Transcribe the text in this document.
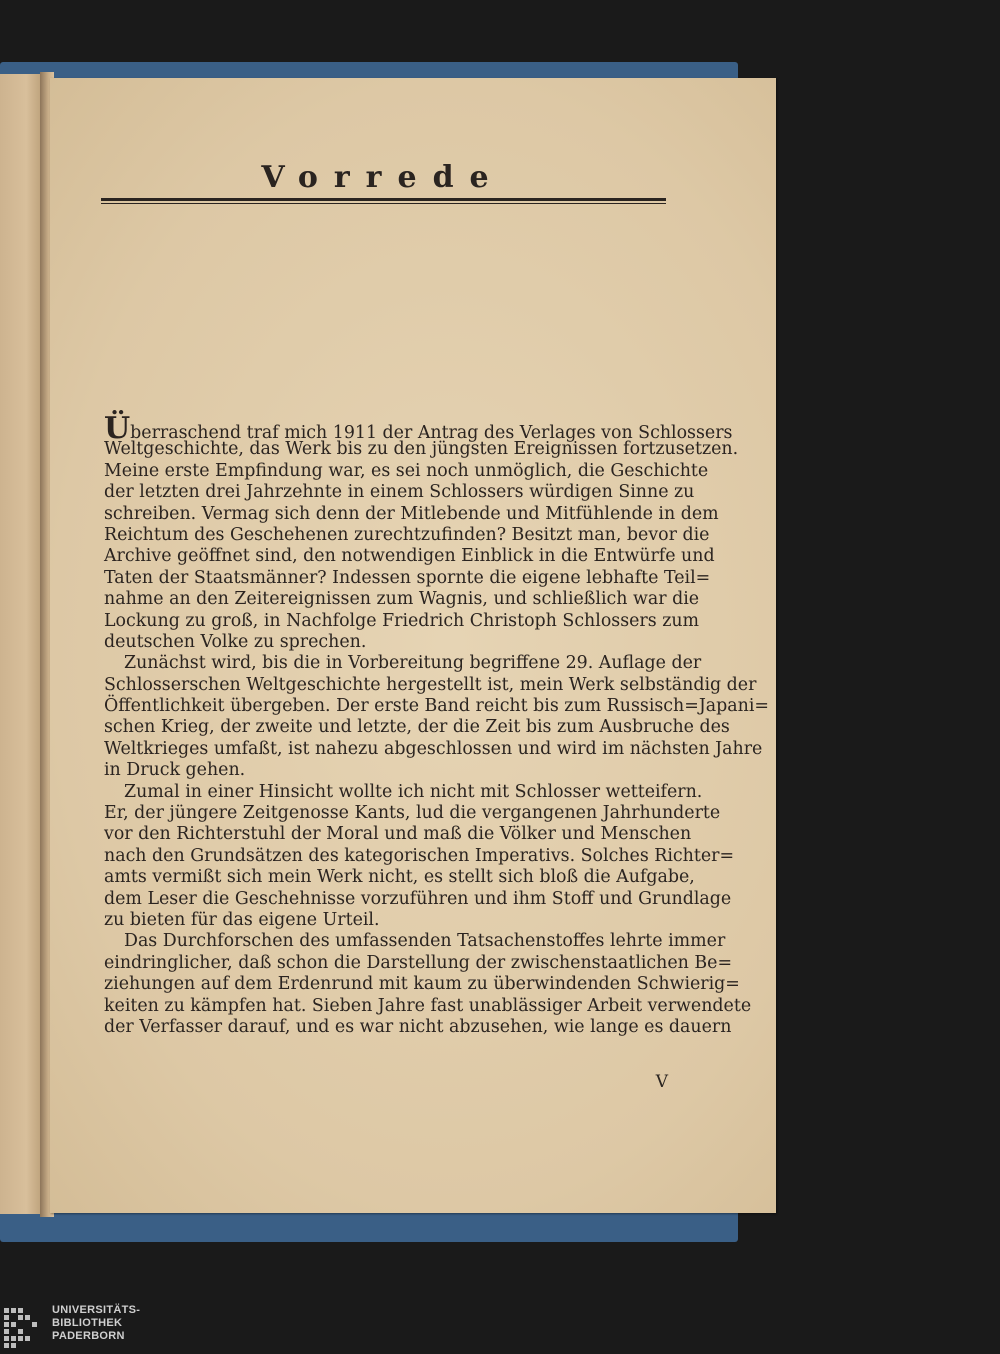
Vorrede
Überraschend traf mich 1911 der Antrag des Verlages von Schlossers
Weltgeschichte, das Werk bis zu den jüngsten Ereignissen fortzusetzen.
Meine erste Empfindung war, es sei noch unmöglich, die Geschichte
der letzten drei Jahrzehnte in einem Schlossers würdigen Sinne zu
schreiben. Vermag sich denn der Mitlebende und Mitfühlende in dem
Reichtum des Geschehenen zurechtzufinden? Besitzt man, bevor die
Archive geöffnet sind, den notwendigen Einblick in die Entwürfe und
Taten der Staatsmänner? Indessen spornte die eigene lebhafte Teil=
nahme an den Zeitereignissen zum Wagnis, und schließlich war die
Lockung zu groß, in Nachfolge Friedrich Christoph Schlossers zum
deutschen Volke zu sprechen.
Zunächst wird, bis die in Vorbereitung begriffene 29. Auflage der
Schlosserschen Weltgeschichte hergestellt ist, mein Werk selbständig der
Öffentlichkeit übergeben. Der erste Band reicht bis zum Russisch=Japani=
schen Krieg, der zweite und letzte, der die Zeit bis zum Ausbruche des
Weltkrieges umfaßt, ist nahezu abgeschlossen und wird im nächsten Jahre
in Druck gehen.
Zumal in einer Hinsicht wollte ich nicht mit Schlosser wetteifern.
Er, der jüngere Zeitgenosse Kants, lud die vergangenen Jahrhunderte
vor den Richterstuhl der Moral und maß die Völker und Menschen
nach den Grundsätzen des kategorischen Imperativs. Solches Richter=
amts vermißt sich mein Werk nicht, es stellt sich bloß die Aufgabe,
dem Leser die Geschehnisse vorzuführen und ihm Stoff und Grundlage
zu bieten für das eigene Urteil.
Das Durchforschen des umfassenden Tatsachenstoffes lehrte immer
eindringlicher, daß schon die Darstellung der zwischenstaatlichen Be=
ziehungen auf dem Erdenrund mit kaum zu überwindenden Schwierig=
keiten zu kämpfen hat. Sieben Jahre fast unablässiger Arbeit verwendete
der Verfasser darauf, und es war nicht abzusehen, wie lange es dauern
V
UNIVERSITÄTS-
BIBLIOTHEK
PADERBORN
